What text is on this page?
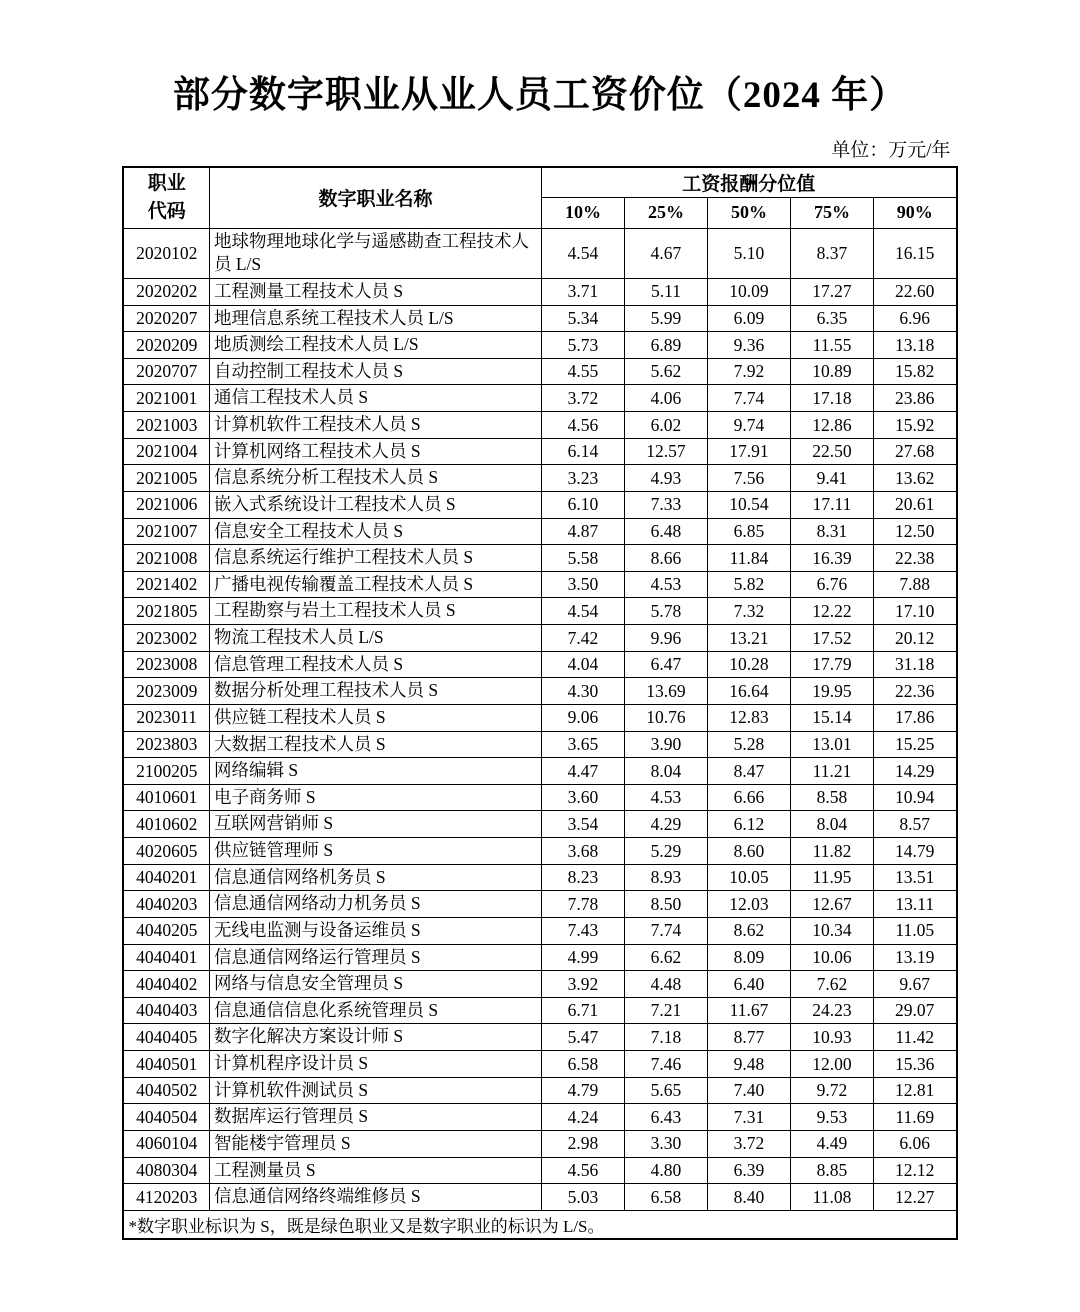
部分数字职业从业人员工资价位（2024 年）
单位：万元/年
职业
代码	数字职业名称	工资报酬分位值				
		10%	25%	50%	75%	90%
2020102	地球物理地球化学与遥感勘查工程技术人员 L/S	4.54	4.67	5.10	8.37	16.15
2020202	工程测量工程技术人员 S	3.71	5.11	10.09	17.27	22.60
2020207	地理信息系统工程技术人员 L/S	5.34	5.99	6.09	6.35	6.96
2020209	地质测绘工程技术人员 L/S	5.73	6.89	9.36	11.55	13.18
2020707	自动控制工程技术人员 S	4.55	5.62	7.92	10.89	15.82
2021001	通信工程技术人员 S	3.72	4.06	7.74	17.18	23.86
2021003	计算机软件工程技术人员 S	4.56	6.02	9.74	12.86	15.92
2021004	计算机网络工程技术人员 S	6.14	12.57	17.91	22.50	27.68
2021005	信息系统分析工程技术人员 S	3.23	4.93	7.56	9.41	13.62
2021006	嵌入式系统设计工程技术人员 S	6.10	7.33	10.54	17.11	20.61
2021007	信息安全工程技术人员 S	4.87	6.48	6.85	8.31	12.50
2021008	信息系统运行维护工程技术人员 S	5.58	8.66	11.84	16.39	22.38
2021402	广播电视传输覆盖工程技术人员 S	3.50	4.53	5.82	6.76	7.88
2021805	工程勘察与岩土工程技术人员 S	4.54	5.78	7.32	12.22	17.10
2023002	物流工程技术人员 L/S	7.42	9.96	13.21	17.52	20.12
2023008	信息管理工程技术人员 S	4.04	6.47	10.28	17.79	31.18
2023009	数据分析处理工程技术人员 S	4.30	13.69	16.64	19.95	22.36
2023011	供应链工程技术人员 S	9.06	10.76	12.83	15.14	17.86
2023803	大数据工程技术人员 S	3.65	3.90	5.28	13.01	15.25
2100205	网络编辑 S	4.47	8.04	8.47	11.21	14.29
4010601	电子商务师 S	3.60	4.53	6.66	8.58	10.94
4010602	互联网营销师 S	3.54	4.29	6.12	8.04	8.57
4020605	供应链管理师 S	3.68	5.29	8.60	11.82	14.79
4040201	信息通信网络机务员 S	8.23	8.93	10.05	11.95	13.51
4040203	信息通信网络动力机务员 S	7.78	8.50	12.03	12.67	13.11
4040205	无线电监测与设备运维员 S	7.43	7.74	8.62	10.34	11.05
4040401	信息通信网络运行管理员 S	4.99	6.62	8.09	10.06	13.19
4040402	网络与信息安全管理员 S	3.92	4.48	6.40	7.62	9.67
4040403	信息通信信息化系统管理员 S	6.71	7.21	11.67	24.23	29.07
4040405	数字化解决方案设计师 S	5.47	7.18	8.77	10.93	11.42
4040501	计算机程序设计员 S	6.58	7.46	9.48	12.00	15.36
4040502	计算机软件测试员 S	4.79	5.65	7.40	9.72	12.81
4040504	数据库运行管理员 S	4.24	6.43	7.31	9.53	11.69
4060104	智能楼宇管理员 S	2.98	3.30	3.72	4.49	6.06
4080304	工程测量员 S	4.56	4.80	6.39	8.85	12.12
4120203	信息通信网络终端维修员 S	5.03	6.58	8.40	11.08	12.27
*数字职业标识为 S，既是绿色职业又是数字职业的标识为 L/S。						
